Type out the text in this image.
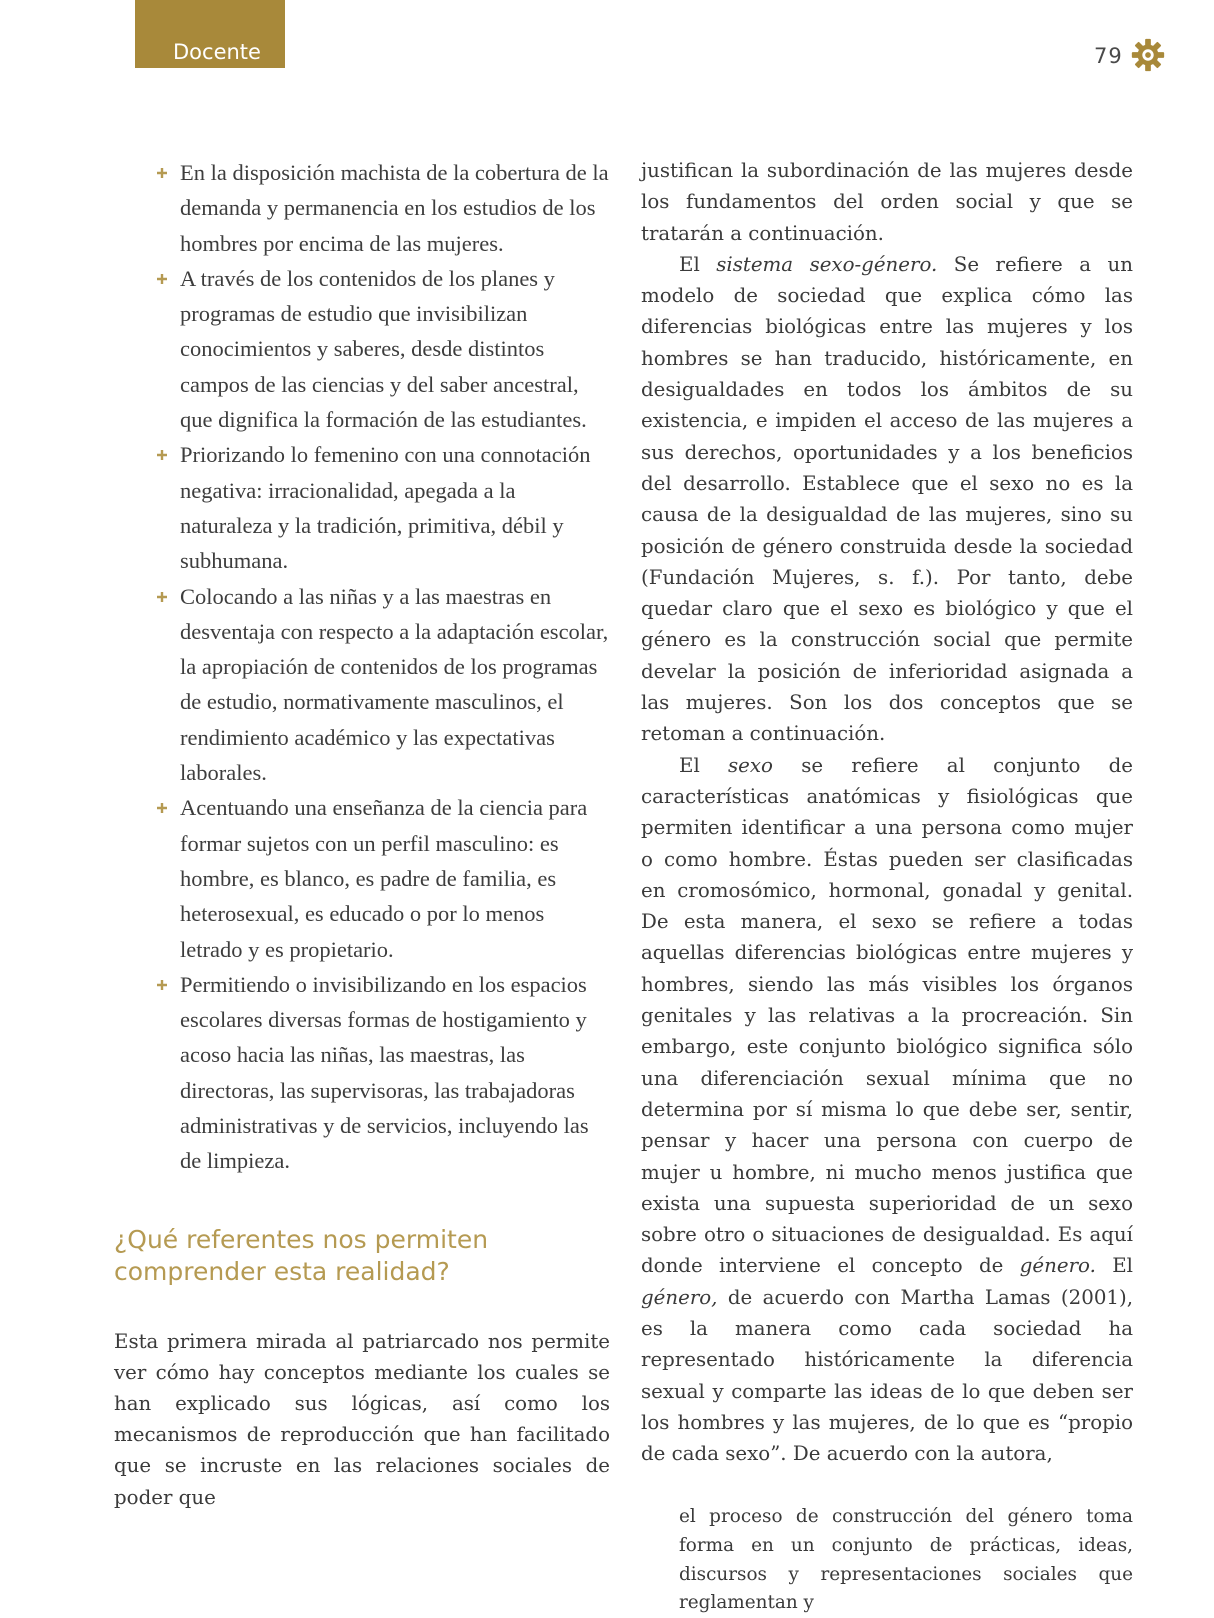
Docente	79
En la disposición machista de la cobertura de la demanda y permanencia en los estudios de los hombres por encima de las mujeres.
A través de los contenidos de los planes y programas de estudio que invisibilizan conocimientos y saberes, desde distintos campos de las ciencias y del saber ancestral, que dignifica la formación de las estudiantes.
Priorizando lo femenino con una connotación negativa: irracionalidad, apegada a la naturaleza y la tradición, primitiva, débil y subhumana.
Colocando a las niñas y a las maestras en desventaja con respecto a la adaptación escolar, la apropiación de contenidos de los programas de estudio, normativamente masculinos, el rendimiento académico y las expectativas laborales.
Acentuando una enseñanza de la ciencia para formar sujetos con un perfil masculino: es hombre, es blanco, es padre de familia, es heterosexual, es educado o por lo menos letrado y es propietario.
Permitiendo o invisibilizando en los espacios escolares diversas formas de hostigamiento y acoso hacia las niñas, las maestras, las directoras, las supervisoras, las trabajadoras administrativas y de servicios, incluyendo las de limpieza.
¿Qué referentes nos permiten comprender esta realidad?

Esta primera mirada al patriarcado nos permite ver cómo hay conceptos mediante los cuales se han explicado sus lógicas, así como los mecanismos de reproducción que han facilitado que se incruste en las relaciones sociales de poder que

justifican la subordinación de las mujeres desde los fundamentos del orden social y que se tratarán a continuación.

El sistema sexo-género. Se refiere a un modelo de sociedad que explica cómo las diferencias biológicas entre las mujeres y los hombres se han traducido, históricamente, en desigualdades en todos los ámbitos de su existencia, e impiden el acceso de las mujeres a sus derechos, oportunidades y a los beneficios del desarrollo. Establece que el sexo no es la causa de la desigualdad de las mujeres, sino su posición de género construida desde la sociedad (Fundación Mujeres, s. f.). Por tanto, debe quedar claro que el sexo es biológico y que el género es la construcción social que permite develar la posición de inferioridad asignada a las mujeres. Son los dos conceptos que se retoman a continuación.

El sexo se refiere al conjunto de características anatómicas y fisiológicas que permiten identificar a una persona como mujer o como hombre. Éstas pueden ser clasificadas en cromosómico, hormonal, gonadal y genital. De esta manera, el sexo se refiere a todas aquellas diferencias biológicas entre mujeres y hombres, siendo las más visibles los órganos genitales y las relativas a la procreación. Sin embargo, este conjunto biológico significa sólo una diferenciación sexual mínima que no determina por sí misma lo que debe ser, sentir, pensar y hacer una persona con cuerpo de mujer u hombre, ni mucho menos justifica que exista una supuesta superioridad de un sexo sobre otro o situaciones de desigualdad. Es aquí donde interviene el concepto de género. El género, de acuerdo con Martha Lamas (2001), es la manera como cada sociedad ha representado históricamente la diferencia sexual y comparte las ideas de lo que deben ser los hombres y las mujeres, de lo que es “propio de cada sexo”. De acuerdo con la autora,

el proceso de construcción del género toma forma en un conjunto de prácticas, ideas, discursos y representaciones sociales que reglamentan y
